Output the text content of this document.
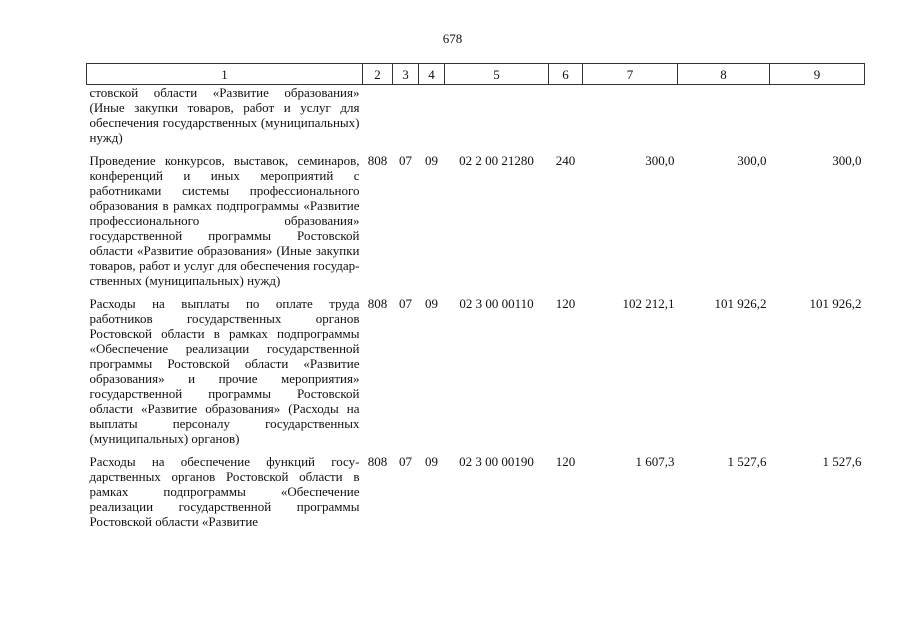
678
1	2	3	4	5	6	7	8	9
стовской области «Развитие образования» (Иные закупки товаров, работ и услуг для обеспечения государственных (муниципальных) нужд)								
Проведение конкурсов, выставок, семинаров, конференций и иных мероприятий с работниками системы профессионального образования в рамках подпрограммы «Развитие профессионального образования» государственной программы Ростовской области «Развитие образования» (Иные закупки товаров, работ и услуг для обеспечения государственных (муниципальных) нужд)	808	07	09	02 2 00 21280	240	300,0	300,0	300,0
Расходы на выплаты по оплате труда работников государственных органов Ростовской области в рамках подпрограммы «Обеспечение реализации государственной программы Ростовской области «Развитие образования» и прочие мероприятия» государственной программы Ростовской области «Развитие образования» (Расходы на выплаты персоналу государственных (муниципальных) органов)	808	07	09	02 3 00 00110	120	102 212,1	101 926,2	101 926,2
Расходы на обеспечение функций государственных органов Ростовской области в рамках подпрограммы «Обеспечение реализации государственной программы Ростовской области «Развитие	808	07	09	02 3 00 00190	120	1 607,3	1 527,6	1 527,6
